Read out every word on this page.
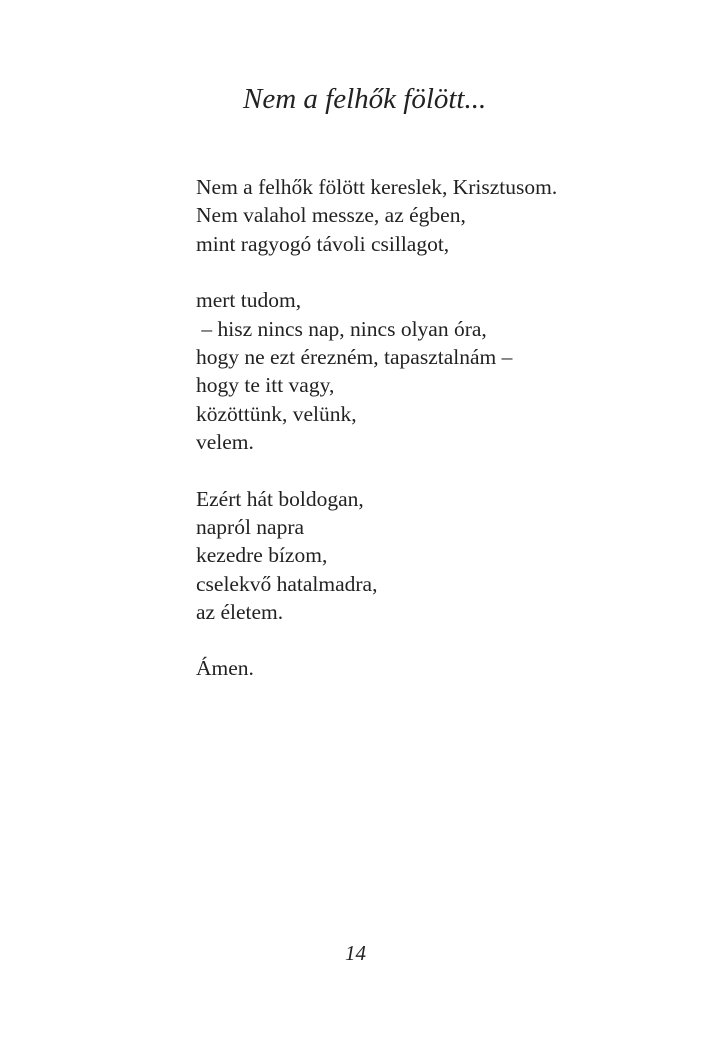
Nem a felhők fölött...
Nem a felhők fölött kereslek, Krisztusom.
Nem valahol messze, az égben,
mint ragyogó távoli csillagot,
mert tudom,
– hisz nincs nap, nincs olyan óra,
hogy ne ezt érezném, tapasztalnám –
hogy te itt vagy,
közöttünk, velünk,
velem.
Ezért hát boldogan,
napról napra
kezedre bízom,
cselekvő hatalmadra,
az életem.
Ámen.
14
